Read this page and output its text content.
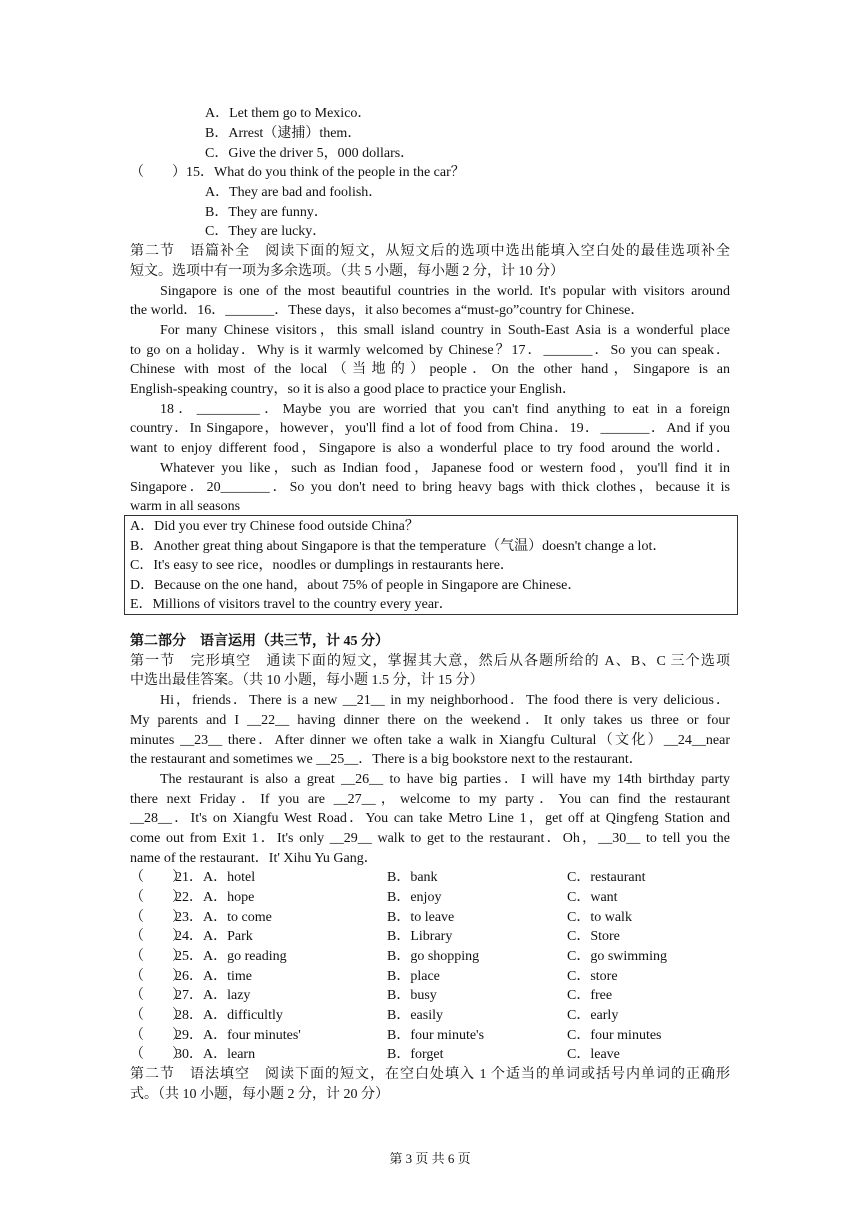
A．Let them go to Mexico．
B．Arrest（逮捕）them．
C．Give the driver 5，000 dollars．
（　　）15．What do you think of the people in the car？
A．They are bad and foolish．
B．They are funny．
C．They are lucky．
第二节　语篇补全　阅读下面的短文，从短文后的选项中选出能填入空白处的最佳选项补全
短文。选项中有一项为多余选项。（共 5 小题，每小题 2 分，计 10 分）
Singapore is one of the most beautiful countries in the world. It's popular with visitors around
the world．16．_______．These days，it also becomes a“must-go”country for Chinese．
For many Chinese visitors，this small island country in South-East Asia is a wonderful place
to go on a holiday．Why is it warmly welcomed by Chinese？17．_______．So you can speak．
Chinese with most of the local（当地的）people．On the other hand，Singapore is an
English-speaking country，so it is also a good place to practice your English．
18．_________．Maybe you are worried that you can't find anything to eat in a foreign
country．In Singapore，however，you'll find a lot of food from China．19．_______．And if you
want to enjoy different food，Singapore is also a wonderful place to try food around the world．
Whatever you like，such as Indian food，Japanese food or western food，you'll find it in
Singapore．20_______．So you don't need to bring heavy bags with thick clothes，because it is
warm in all seasons
A．Did you ever try Chinese food outside China？
B．Another great thing about Singapore is that the temperature（气温）doesn't change a lot．
C．It's easy to see rice，noodles or dumplings in restaurants here．
D．Because on the one hand，about 75% of people in Singapore are Chinese．
E．Millions of visitors travel to the country every year．
第二部分　语言运用（共三节，计 45 分）
第一节　完形填空　通读下面的短文，掌握其大意，然后从各题所给的 A、B、C 三个选项
中选出最佳答案。（共 10 小题，每小题 1.5 分，计 15 分）
Hi，friends．There is a new __21__ in my neighborhood．The food there is very delicious．
My parents and I __22__ having dinner there on the weekend．It only takes us three or four
minutes __23__ there．After dinner we often take a walk in Xiangfu Cultural（文化）__24__near
the restaurant and sometimes we __25__．There is a big bookstore next to the restaurant．
The restaurant is also a great __26__ to have big parties．I will have my 14th birthday party
there next Friday．If you are __27__，welcome to my party．You can find the restaurant
__28__．It's on Xiangfu West Road．You can take Metro Line 1，get off at Qingfeng Station and
come out from Exit 1．It's only __29__ walk to get to the restaurant．Oh，__30__ to tell you the
name of the restaurant．It' Xihu Yu Gang．
（　　）
21．A．hotel	B．bank	C．restaurant
（　　）
22．A．hope	B．enjoy	C．want
（　　）
23．A．to come	B．to leave	C．to walk
（　　）
24．A．Park	B．Library	C．Store
（　　）
25．A．go reading	B．go shopping	C．go swimming
（　　）
26．A．time	B．place	C．store
（　　）
27．A．lazy	B．busy	C．free
（　　）
28．A．difficultly	B．easily	C．early
（　　）
29．A．four minutes'	B．four minute's	C．four minutes
（　　）
30．A．learn	B．forget	C．leave
第二节　语法填空　阅读下面的短文，在空白处填入 1 个适当的单词或括号内单词的正确形
式。（共 10 小题，每小题 2 分，计 20 分）
第 3 页 共 6 页
